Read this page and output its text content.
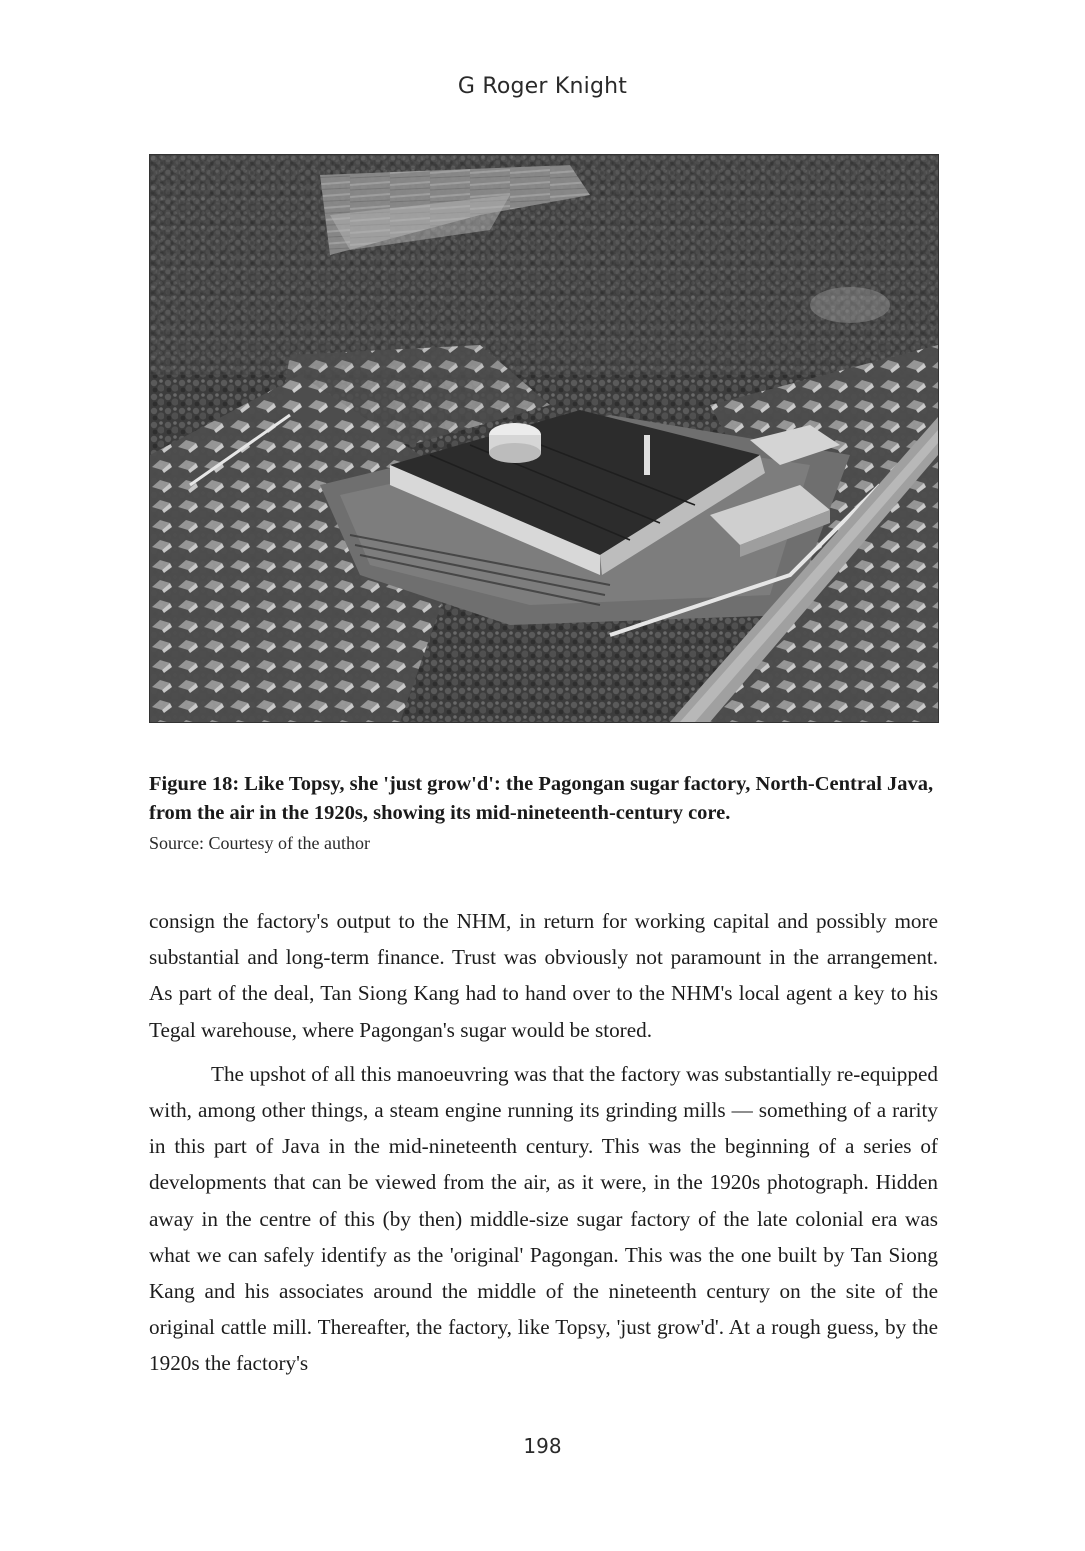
G Roger Knight
Figure 18: Like Topsy, she 'just grow'd': the Pagongan sugar factory, North-Central Java, from the air in the 1920s, showing its mid-nineteenth-century core.
Source: Courtesy of the author

consign the factory's output to the NHM, in return for working capital and possibly more substantial and long-term finance. Trust was obviously not paramount in the arrangement. As part of the deal, Tan Siong Kang had to hand over to the NHM's local agent a key to his Tegal warehouse, where Pagongan's sugar would be stored.

The upshot of all this manoeuvring was that the factory was substantially re-equipped with, among other things, a steam engine running its grinding mills — something of a rarity in this part of Java in the mid-nineteenth century. This was the beginning of a series of developments that can be viewed from the air, as it were, in the 1920s photograph. Hidden away in the centre of this (by then) middle-size sugar factory of the late colonial era was what we can safely identify as the 'original' Pagongan. This was the one built by Tan Siong Kang and his associates around the middle of the nineteenth century on the site of the original cattle mill. Thereafter, the factory, like Topsy, 'just grow'd'. At a rough guess, by the 1920s the factory's

198
